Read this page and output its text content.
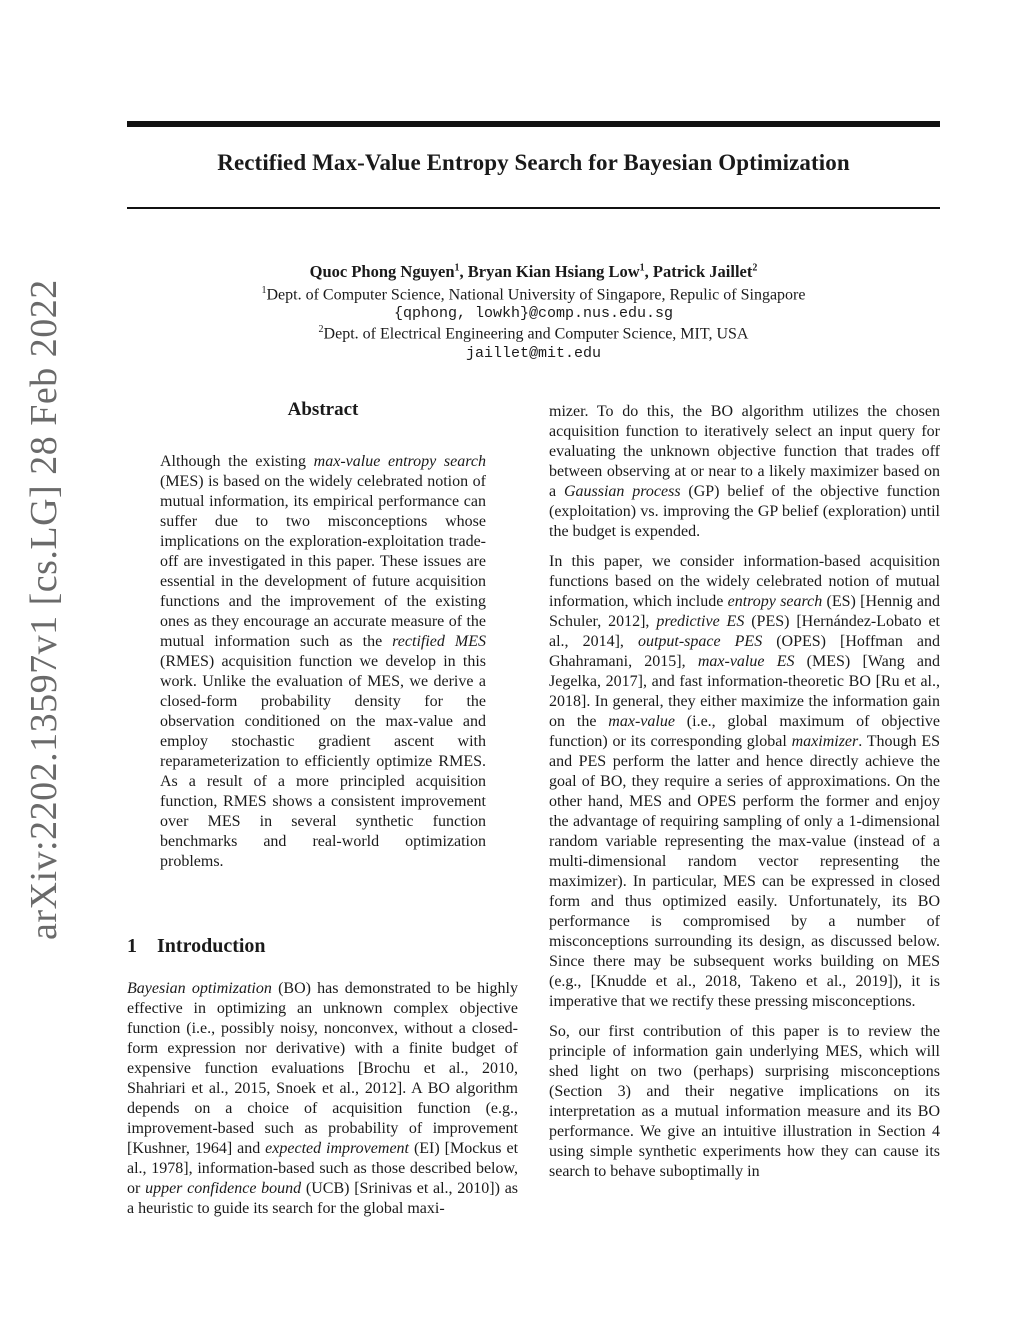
arXiv:2202.13597v1 [cs.LG] 28 Feb 2022
Rectified Max-Value Entropy Search for Bayesian Optimization
Quoc Phong Nguyen$^1$, Bryan Kian Hsiang Low$^1$, Patrick Jaillet$^2$
$^1$Dept. of Computer Science, National University of Singapore, Repulic of Singapore
{qphong, lowkh}@comp.nus.edu.sg
$^2$Dept. of Electrical Engineering and Computer Science, MIT, USA
jaillet@mit.edu
Abstract

Although the existing max-value entropy search (MES) is based on the widely celebrated notion of mutual information, its empirical performance can suffer due to two misconceptions whose implications on the exploration-exploitation trade-off are investigated in this paper. These issues are essential in the development of future acquisition functions and the improvement of the existing ones as they encourage an accurate measure of the mutual information such as the rectified MES (RMES) acquisition function we develop in this work. Unlike the evaluation of MES, we derive a closed-form probability density for the observation conditioned on the max-value and employ stochastic gradient ascent with reparameterization to efficiently optimize RMES. As a result of a more principled acquisition function, RMES shows a consistent improvement over MES in several synthetic function benchmarks and real-world optimization problems.

1 Introduction

Bayesian optimization (BO) has demonstrated to be highly effective in optimizing an unknown complex objective function (i.e., possibly noisy, nonconvex, without a closed-form expression nor derivative) with a finite budget of expensive function evaluations [Brochu et al., 2010, Shahriari et al., 2015, Snoek et al., 2012]. A BO algorithm depends on a choice of acquisition function (e.g., improvement-based such as probability of improvement [Kushner, 1964] and expected improvement (EI) [Mockus et al., 1978], information-based such as those described below, or upper confidence bound (UCB) [Srinivas et al., 2010]) as a heuristic to guide its search for the global maxi-

mizer. To do this, the BO algorithm utilizes the chosen acquisition function to iteratively select an input query for evaluating the unknown objective function that trades off between observing at or near to a likely maximizer based on a Gaussian process (GP) belief of the objective function (exploitation) vs. improving the GP belief (exploration) until the budget is expended.

In this paper, we consider information-based acquisition functions based on the widely celebrated notion of mutual information, which include entropy search (ES) [Hennig and Schuler, 2012], predictive ES (PES) [Hernández-Lobato et al., 2014], output-space PES (OPES) [Hoffman and Ghahramani, 2015], max-value ES (MES) [Wang and Jegelka, 2017], and fast information-theoretic BO [Ru et al., 2018]. In general, they either maximize the information gain on the max-value (i.e., global maximum of objective function) or its corresponding global maximizer. Though ES and PES perform the latter and hence directly achieve the goal of BO, they require a series of approximations. On the other hand, MES and OPES perform the former and enjoy the advantage of requiring sampling of only a 1-dimensional random variable representing the max-value (instead of a multi-dimensional random vector representing the maximizer). In particular, MES can be expressed in closed form and thus optimized easily. Unfortunately, its BO performance is compromised by a number of misconceptions surrounding its design, as discussed below. Since there may be subsequent works building on MES (e.g., [Knudde et al., 2018, Takeno et al., 2019]), it is imperative that we rectify these pressing misconceptions.

So, our first contribution of this paper is to review the principle of information gain underlying MES, which will shed light on two (perhaps) surprising misconceptions (Section 3) and their negative implications on its interpretation as a mutual information measure and its BO performance. We give an intuitive illustration in Section 4 using simple synthetic experiments how they can cause its search to behave suboptimally in
